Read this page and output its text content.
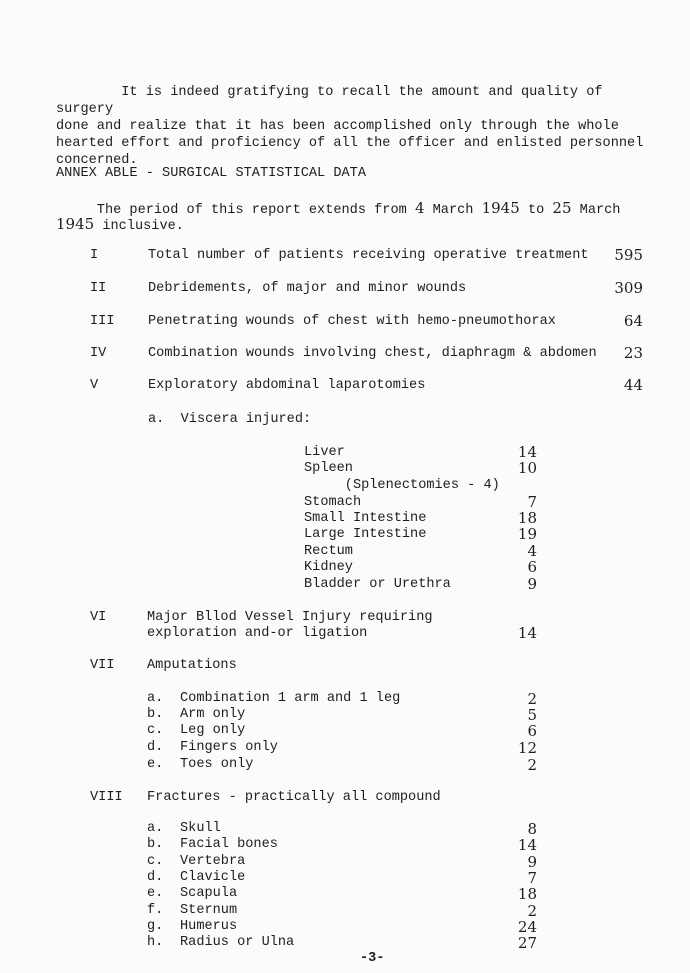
It is indeed gratifying to recall the amount and quality of surgery
done and realize that it has been accomplished only through the whole
hearted effort and proficiency of all the officer and enlisted personnel
concerned.

ANNEX ABLE - SURGICAL STATISTICAL DATA
The period of this report extends from 4 March 1945 to 25 March
1945 inclusive.
I	Total number of patients receiving operative treatment	595
II	Debridements, of major and minor wounds	309
III Penetrating wounds of chest with hemo-pneumothorax	64
IV	Combination wounds involving chest, diaphragm & abdomen	23
V	Exploratory abdominal laparotomies	44
a.  Viscera injured:
Liver	14
Spleen	10
(Splenectomies - 4)
Stomach	7
Small Intestine	18
Large Intestine	19
Rectum	4
Kidney	6
Bladder or Urethra	9
VI	Major Bllod Vessel Injury requiring
exploration and-or ligation	14
VII Amputations
a. Combination 1 arm and 1 leg	2
b. Arm only	5
c. Leg only	6
d. Fingers only	12
e. Toes only	2
VIII Fractures - practically all compound
a. Skull	8
b. Facial bones	14
c. Vertebra	9
d. Clavicle	7
e. Scapula	18
f. Sternum	2
g. Humerus	24
h. Radius or Ulna	27
-3-
